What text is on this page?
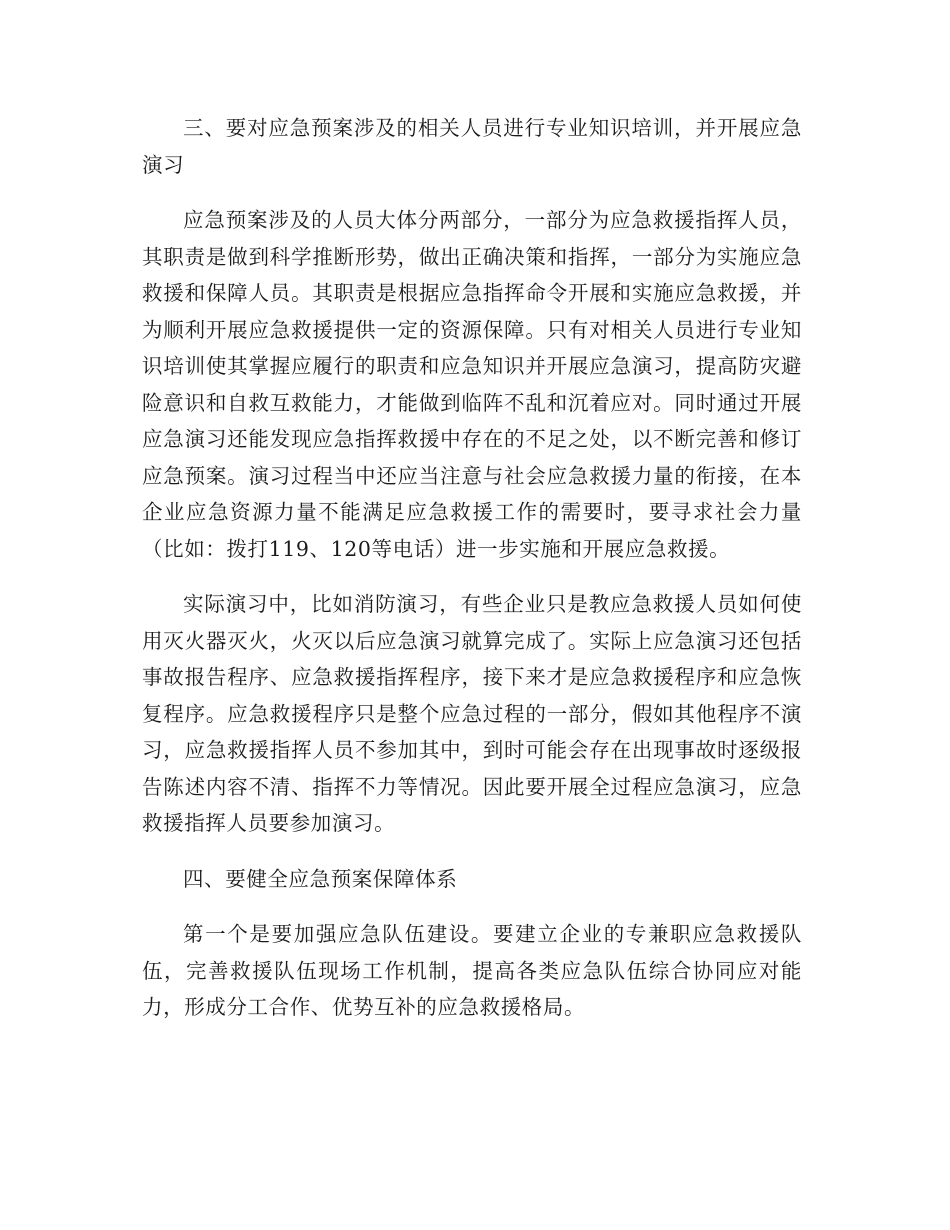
三、要对应急预案涉及的相关人员进行专业知识培训，并开展应急演习

应急预案涉及的人员大体分两部分，一部分为应急救援指挥人员，其职责是做到科学推断形势，做出正确决策和指挥，一部分为实施应急救援和保障人员。其职责是根据应急指挥命令开展和实施应急救援，并为顺利开展应急救援提供一定的资源保障。只有对相关人员进行专业知识培训使其掌握应履行的职责和应急知识并开展应急演习，提高防灾避险意识和自救互救能力，才能做到临阵不乱和沉着应对。同时通过开展应急演习还能发现应急指挥救援中存在的不足之处，以不断完善和修订应急预案。演习过程当中还应当注意与社会应急救援力量的衔接，在本企业应急资源力量不能满足应急救援工作的需要时，要寻求社会力量（比如：拨打119、120等电话）进一步实施和开展应急救援。

实际演习中，比如消防演习，有些企业只是教应急救援人员如何使用灭火器灭火，火灭以后应急演习就算完成了。实际上应急演习还包括事故报告程序、应急救援指挥程序，接下来才是应急救援程序和应急恢复程序。应急救援程序只是整个应急过程的一部分，假如其他程序不演习，应急救援指挥人员不参加其中，到时可能会存在出现事故时逐级报告陈述内容不清、指挥不力等情况。因此要开展全过程应急演习，应急救援指挥人员要参加演习。

四、要健全应急预案保障体系

第一个是要加强应急队伍建设。要建立企业的专兼职应急救援队伍，完善救援队伍现场工作机制，提高各类应急队伍综合协同应对能力，形成分工合作、优势互补的应急救援格局。
